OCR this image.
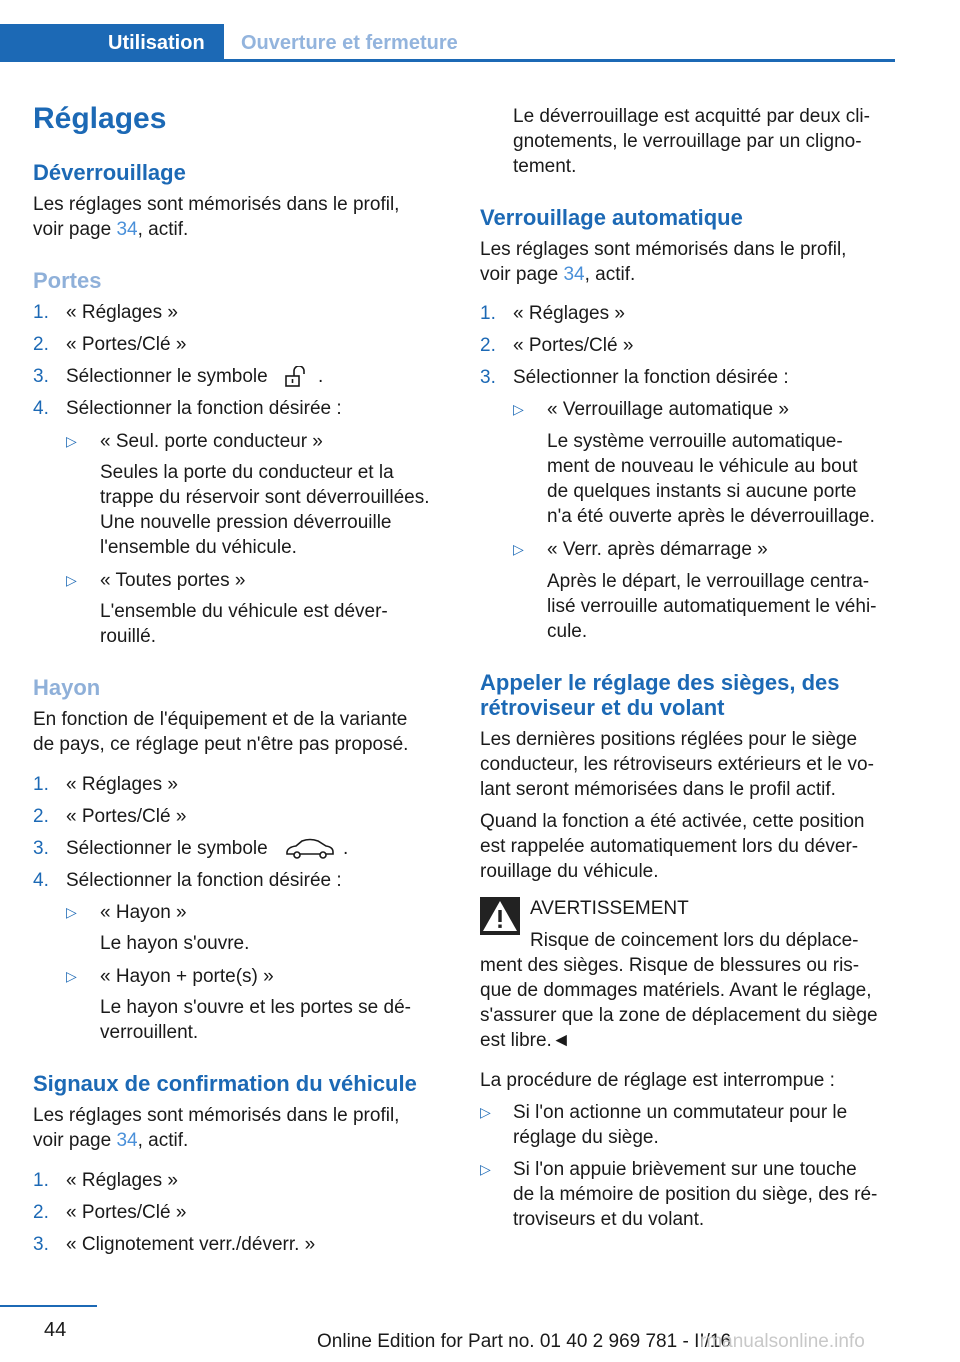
Utilisation	Ouverture et fermeture
Réglages
Déverrouillage
Les réglages sont mémorisés dans le profil,
voir page 34, actif.
Portes
1. « Réglages »
2. « Portes/Clé »
3. Sélectionner le symbole	.
4. Sélectionner la fonction désirée :
▷ « Seul. porte conducteur »
Seules la porte du conducteur et la
trappe du réservoir sont déverrouillées.
Une nouvelle pression déverrouille
l'ensemble du véhicule.
▷ « Toutes portes »
L'ensemble du véhicule est déver-
rouillé.
Hayon
En fonction de l'équipement et de la variante
de pays, ce réglage peut n'être pas proposé.
1. « Réglages »
2. « Portes/Clé »
3. Sélectionner le symbole	.
4. Sélectionner la fonction désirée :
▷ « Hayon »
Le hayon s'ouvre.
▷ « Hayon + porte(s) »
Le hayon s'ouvre et les portes se dé-
verrouillent.
Signaux de confirmation du véhicule
Les réglages sont mémorisés dans le profil,
voir page 34, actif.
1. « Réglages »
2. « Portes/Clé »
3. « Clignotement verr./déverr. »
Le déverrouillage est acquitté par deux cli-
gnotements, le verrouillage par un cligno-
tement.
Verrouillage automatique
Les réglages sont mémorisés dans le profil,
voir page 34, actif.
1. « Réglages »
2. « Portes/Clé »
3. Sélectionner la fonction désirée :
▷ « Verrouillage automatique »
Le système verrouille automatique-
ment de nouveau le véhicule au bout
de quelques instants si aucune porte
n'a été ouverte après le déverrouillage.
▷ « Verr. après démarrage »
Après le départ, le verrouillage centra-
lisé verrouille automatiquement le véhi-
cule.
Appeler le réglage des sièges, des
rétroviseur et du volant
Les dernières positions réglées pour le siège
conducteur, les rétroviseurs extérieurs et le vo-
lant seront mémorisées dans le profil actif.
Quand la fonction a été activée, cette position
est rappelée automatiquement lors du déver-
rouillage du véhicule.
AVERTISSEMENT
Risque de coincement lors du déplace-
ment des sièges. Risque de blessures ou ris-
que de dommages matériels. Avant le réglage,
s'assurer que la zone de déplacement du siège
est libre.◄
La procédure de réglage est interrompue :
▷ Si l'on actionne un commutateur pour le
réglage du siège.
▷ Si l'on appuie brièvement sur une touche
de la mémoire de position du siège, des ré-
troviseurs et du volant.
44
Online Edition for Part no. 01 40 2 969 781 - II/16
rmanualsonline.info
